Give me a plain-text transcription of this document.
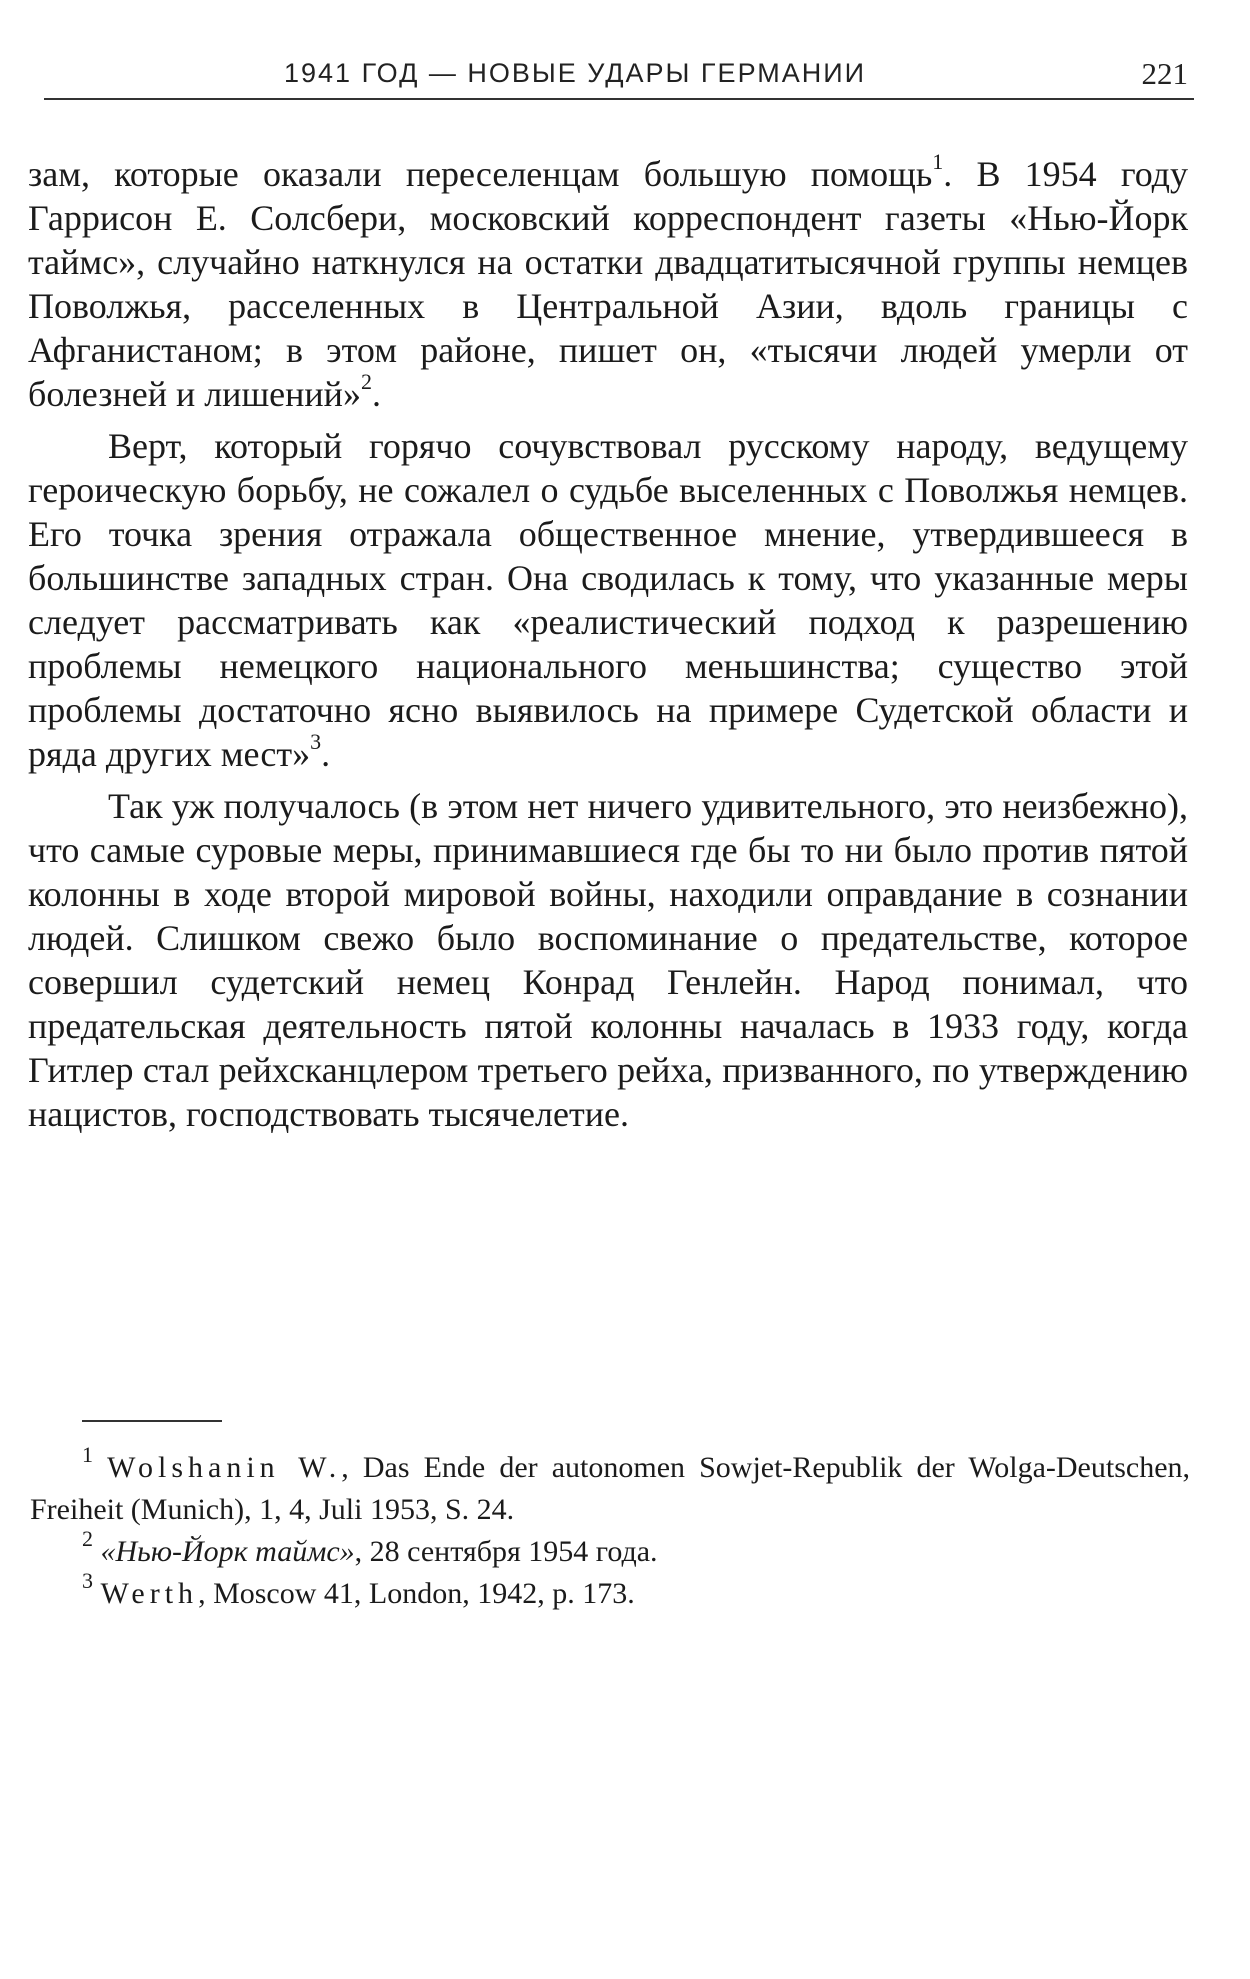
1941 ГОД — НОВЫЕ УДАРЫ ГЕРМАНИИ	221

зам, которые оказали переселенцам большую помощь$^1$. В 1954 году Гаррисон Е. Солсбери, московский корреспондент газеты «Нью-Йорк таймс», случайно наткнулся на остатки двадцатитысячной группы немцев Поволжья, расселенных в Центральной Азии, вдоль границы с Афганистаном; в этом районе, пишет он, «тысячи людей умерли от болезней и лишений»$^2$.

Верт, который горячо сочувствовал русскому народу, ведущему героическую борьбу, не сожалел о судьбе выселенных с Поволжья немцев. Его точка зрения отражала общественное мнение, утвердившееся в большинстве западных стран. Она сводилась к тому, что указанные меры следует рассматривать как «реалистический подход к разрешению проблемы немецкого национального меньшинства; существо этой проблемы достаточно ясно выявилось на примере Судетской области и ряда других мест»$^3$.

Так уж получалось (в этом нет ничего удивительного, это неизбежно), что самые суровые меры, принимавшиеся где бы то ни было против пятой колонны в ходе второй мировой войны, находили оправдание в сознании людей. Слишком свежо было воспоминание о предательстве, которое совершил судетский немец Конрад Генлейн. Народ понимал, что предательская деятельность пятой колонны началась в 1933 году, когда Гитлер стал рейхсканцлером третьего рейха, призванного, по утверждению нацистов, господствовать тысячелетие.

$^1$ Wolshanin W., Das Ende der autonomen Sowjet-Republik der Wolga-Deutschen, Freiheit (Munich), 1, 4, Juli 1953, S. 24.

$^2$ «Нью-Йорк таймс», 28 сентября 1954 года.

$^3$ Werth, Moscow 41, London, 1942, p. 173.
